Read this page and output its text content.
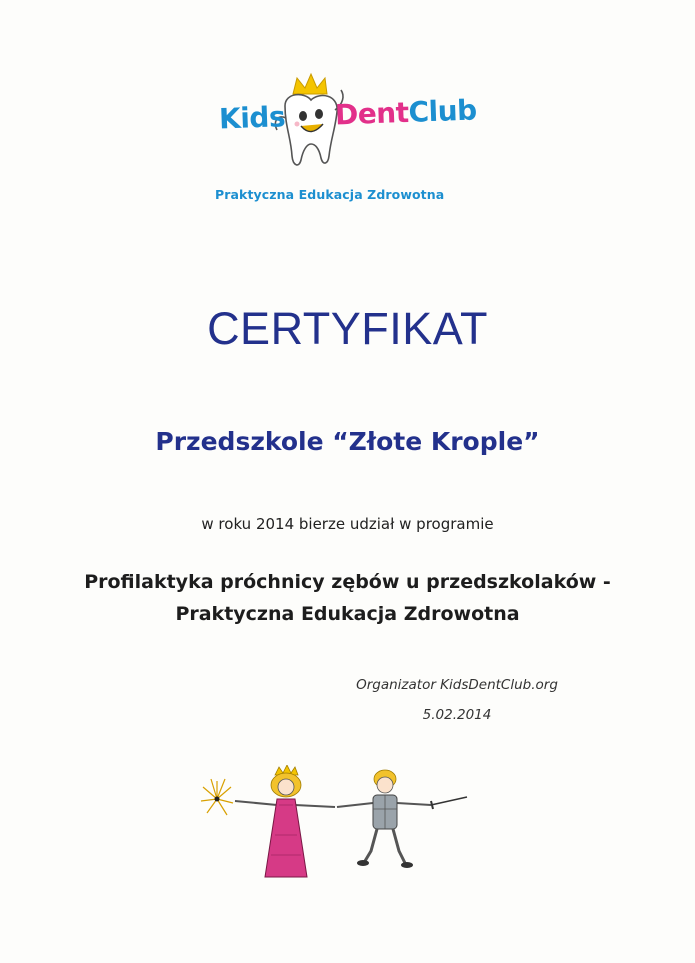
Kids DentClub
Praktyczna Edukacja Zdrowotna
CERTYFIKAT
Przedszkole “Złote Krople”
w roku 2014 bierze udział w programie
Profilaktyka próchnicy zębów u przedszkolaków -
Praktyczna Edukacja Zdrowotna
Organizator KidsDentClub.org
5.02.2014
